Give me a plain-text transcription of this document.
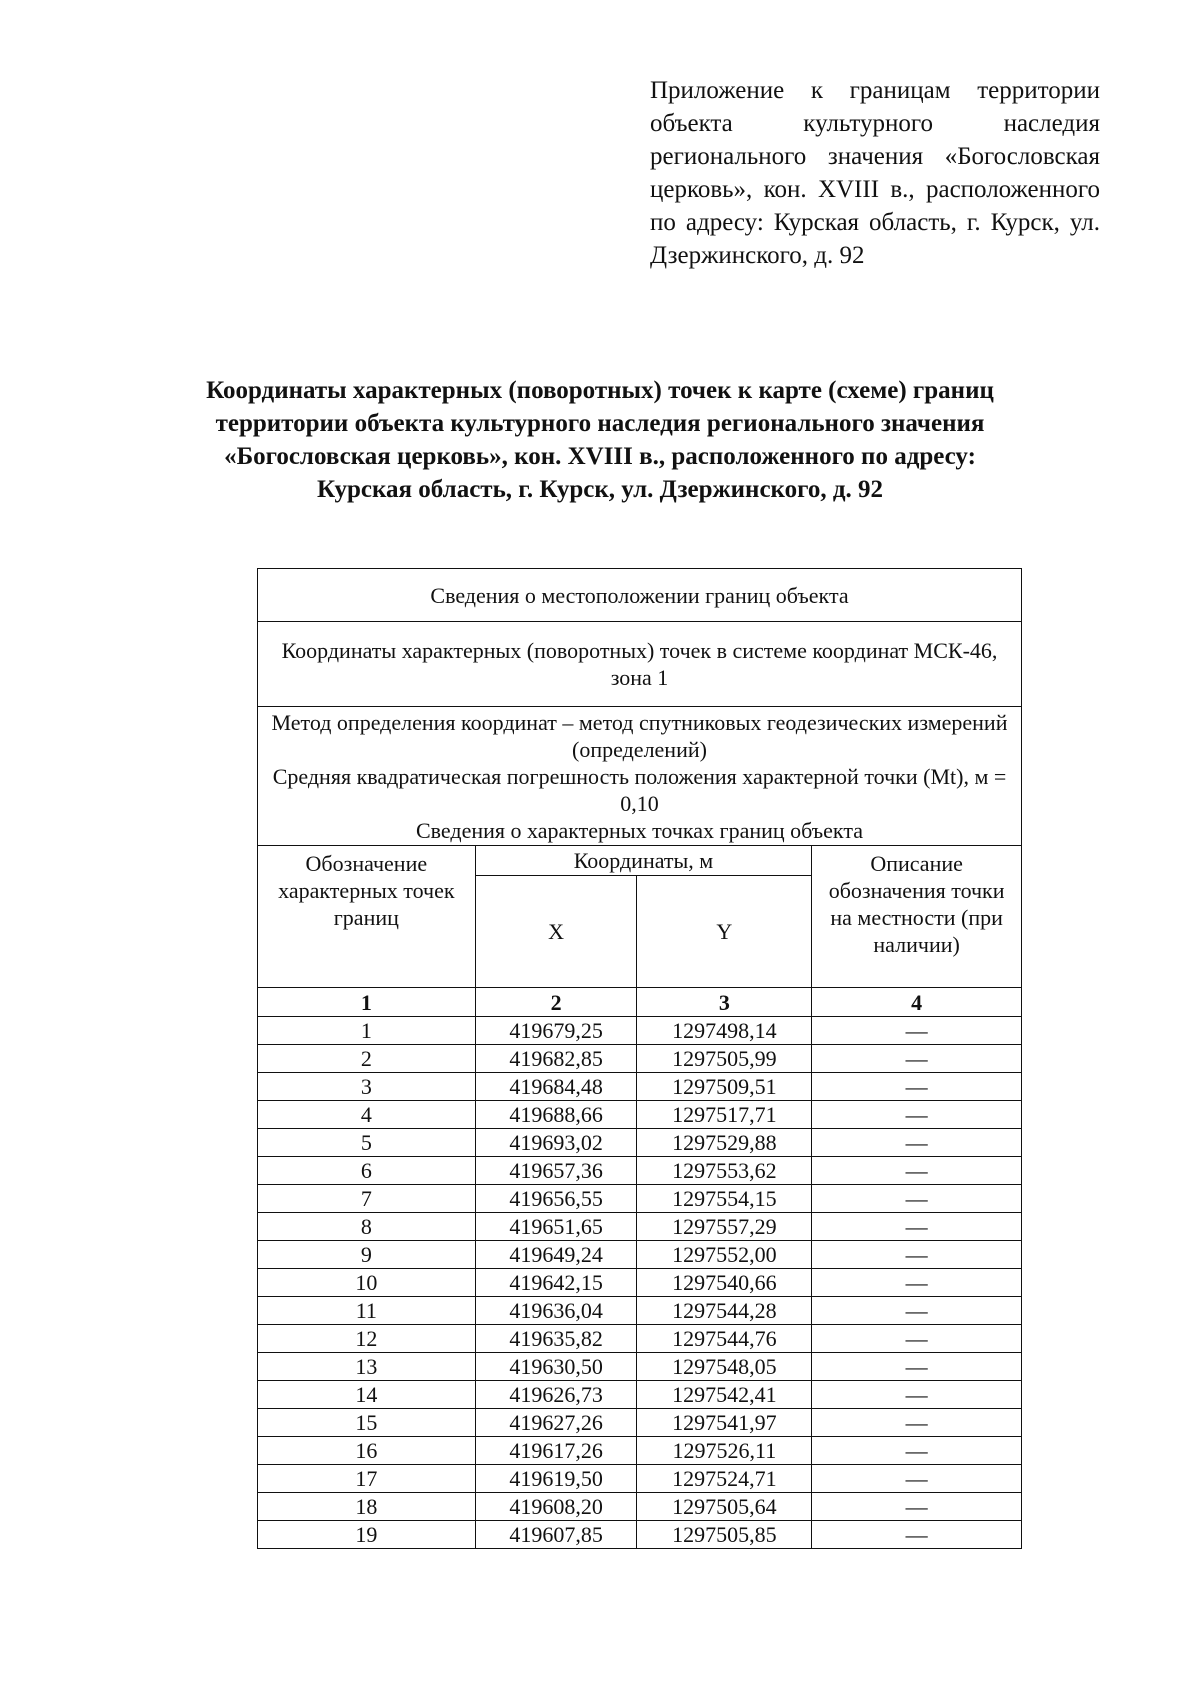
Приложение к границам территории объекта культурного наследия регионального значения «Богословская церковь», кон. XVIII в., расположенного по адресу: Курская область, г. Курск, ул. Дзержинского, д. 92
Координаты характерных (поворотных) точек к карте (схеме) границ
территории объекта культурного наследия регионального значения
«Богословская церковь», кон. XVIII в., расположенного по адресу:
Курская область, г. Курск, ул. Дзержинского, д. 92
Сведения о местоположении границ объекта			
Координаты характерных (поворотных) точек в системе координат МСК-46, зона 1			

Метод определения координат – метод спутниковых геодезических измерений (определений)
Средняя квадратическая погрешность положения характерной точки (Mt), м = 0,10
Сведения о характерных точках границ объекта			

Обозначение характерных точек границ	Координаты, м		Описание обозначения точки на местности (при наличии)
	X	Y	
1	2	3	4
1	419679,25	1297498,14	—
2	419682,85	1297505,99	—
3	419684,48	1297509,51	—
4	419688,66	1297517,71	—
5	419693,02	1297529,88	—
6	419657,36	1297553,62	—
7	419656,55	1297554,15	—
8	419651,65	1297557,29	—
9	419649,24	1297552,00	—
10	419642,15	1297540,66	—
11	419636,04	1297544,28	—
12	419635,82	1297544,76	—
13	419630,50	1297548,05	—
14	419626,73	1297542,41	—
15	419627,26	1297541,97	—
16	419617,26	1297526,11	—
17	419619,50	1297524,71	—
18	419608,20	1297505,64	—
19	419607,85	1297505,85	—
